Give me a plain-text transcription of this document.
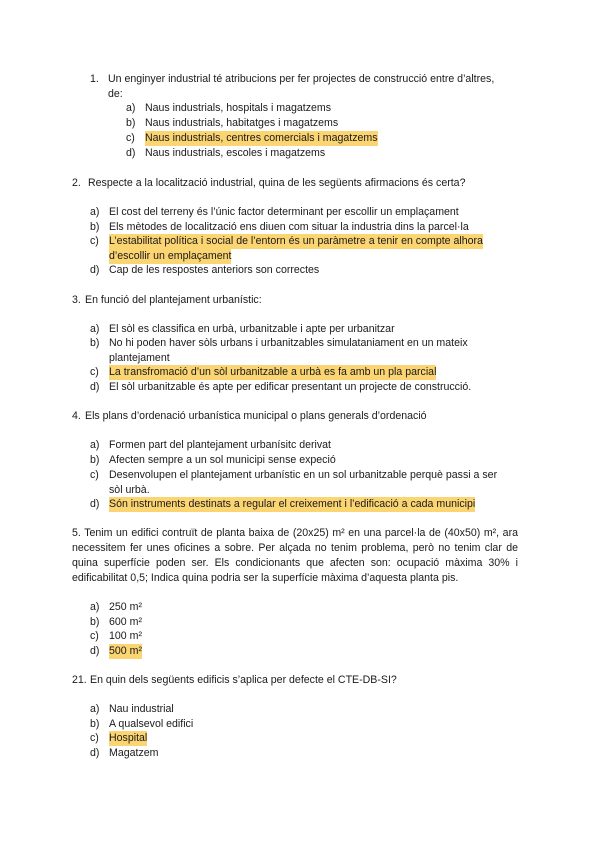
1. Un enginyer industrial té atribucions per fer projectes de construcció entre d’altres,
de:
a) Naus industrials, hospitals i magatzems
b) Naus industrials, habitatges i magatzems
c) Naus industrials, centres comercials i magatzems
d) Naus industrials, escoles i magatzems
2. Respecte a la localització industrial, quina de les següents afirmacions és certa?
a) El cost del terreny és l’únic factor determinant per escollir un emplaçament
b) Els mètodes de localització ens diuen com situar la industria dins la parcel·la
c) L’estabilitat política i social de l’entorn és un paràmetre a tenir en compte alhora
d’escollir un emplaçament
d) Cap de les respostes anteriors son correctes
3. En funció del plantejament urbanístic:
a) El sòl es classifica en urbà, urbanitzable i apte per urbanitzar
b) No hi poden haver sòls urbans i urbanitzables simulataniament en un mateix
plantejament
c) La transfromació d’un sòl urbanitzable a urbà es fa amb un pla parcial
d) El sòl urbanitzable és apte per edificar presentant un projecte de construcció.
4. Els plans d’ordenació urbanística municipal o plans generals d’ordenació
a) Formen part del plantejament urbanísitc derivat
b) Afecten sempre a un sol municipi sense expeció
c) Desenvolupen el plantejament urbanístic en un sol urbanitzable perquè passi a ser
sòl urbà.
d) Són instruments destinats a regular el creixement i l’edificació a cada municipi
5. Tenim un edifici contruït de planta baixa de (20x25) m² en una parcel·la de (40x50) m², ara necessitem fer unes oficines a sobre. Per alçada no tenim problema, però no tenim clar de quina superfície poden ser. Els condicionants que afecten son: ocupació màxima 30% i edificabilitat 0,5; Indica quina podria ser la superfície màxima d’aquesta planta pis.
a) 250 m²
b) 600 m²
c) 100 m²
d) 500 m²
21. En quin dels següents edificis s’aplica per defecte el CTE-DB-SI?
a) Nau industrial
b) A qualsevol edifici
c) Hospital
d) Magatzem
